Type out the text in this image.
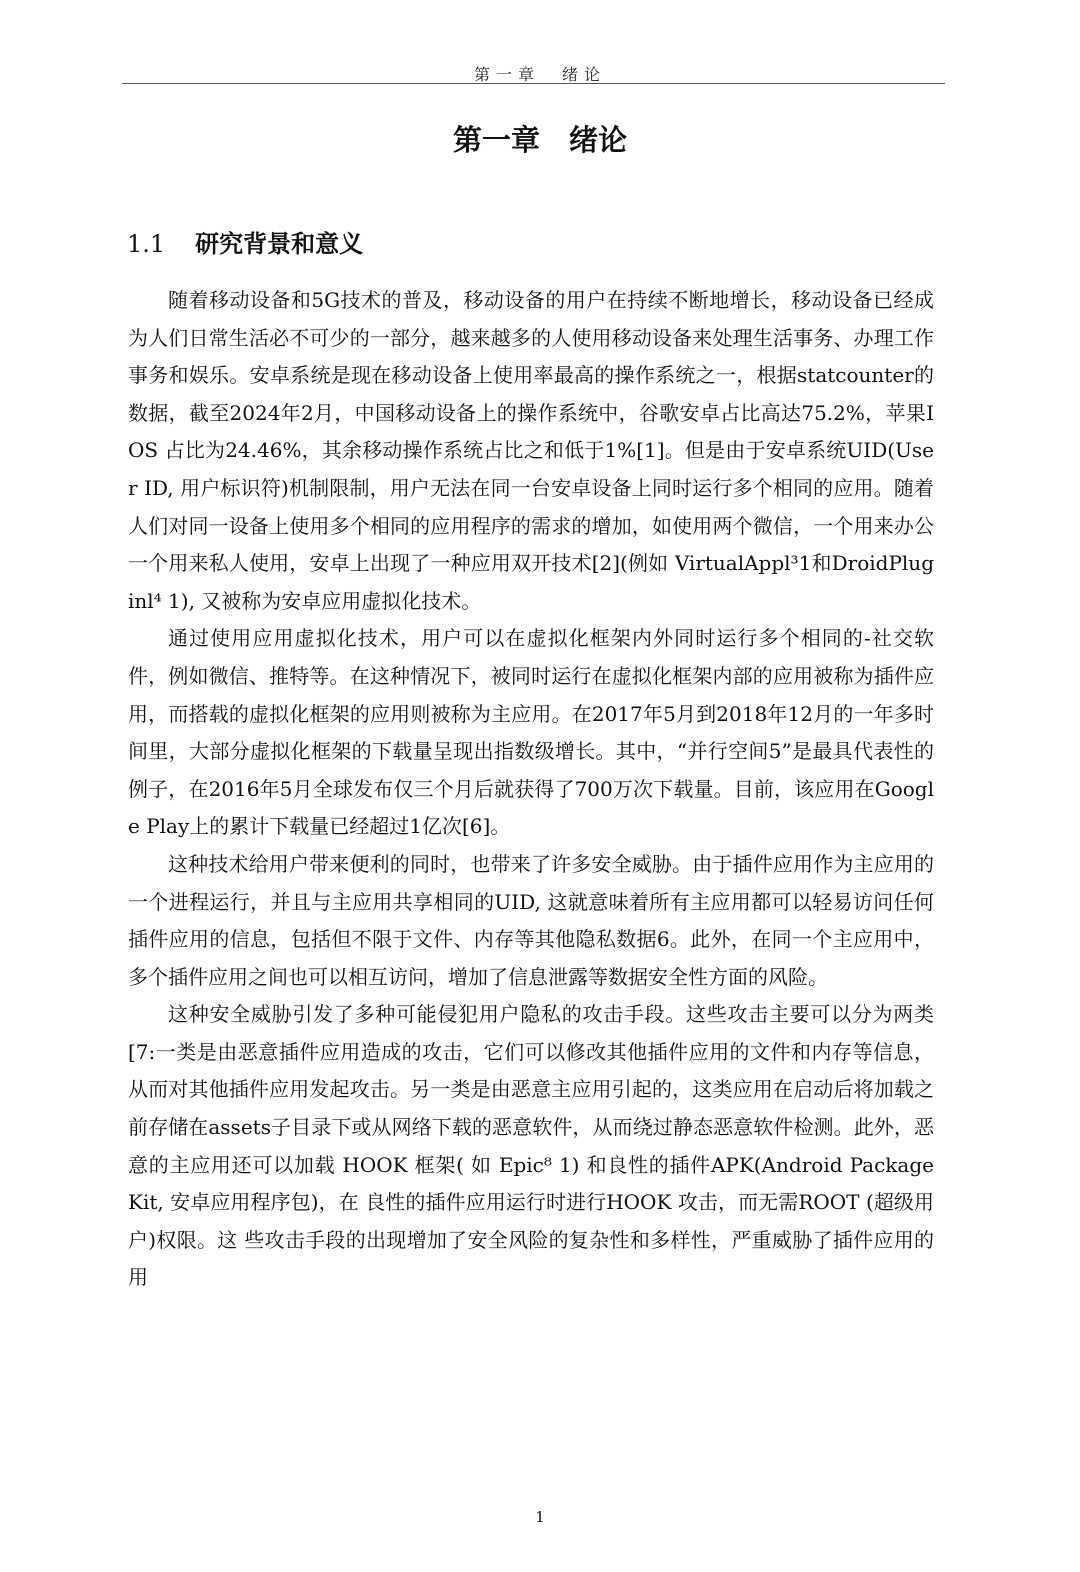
第一章　绪论
第一章　绪论
1.1 研究背景和意义

随着移动设备和5G技术的普及，移动设备的用户在持续不断地增长，移动设备已经成为人们日常生活必不可少的一部分，越来越多的人使用移动设备来处理生活事务、办理工作事务和娱乐。安卓系统是现在移动设备上使用率最高的操作系统之一，根据statcounter的数据，截至2024年2月，中国移动设备上的操作系统中，谷歌安卓占比高达75.2%，苹果IOS 占比为24.46%，其余移动操作系统占比之和低于1%[1]。但是由于安卓系统UID(User ID, 用户标识符)机制限制，用户无法在同一台安卓设备上同时运行多个相同的应用。随着人们对同一设备上使用多个相同的应用程序的需求的增加，如使用两个微信，一个用来办公一个用来私人使用，安卓上出现了一种应用双开技术[2](例如 VirtualAppl³1和DroidPluginl⁴ 1), 又被称为安卓应用虚拟化技术。

通过使用应用虚拟化技术，用户可以在虚拟化框架内外同时运行多个相同的-社交软件，例如微信、推特等。在这种情况下，被同时运行在虚拟化框架内部的应用被称为插件应用，而搭载的虚拟化框架的应用则被称为主应用。在2017年5月到2018年12月的一年多时间里，大部分虚拟化框架的下载量呈现出指数级增长。其中，“并行空间5”是最具代表性的例子，在2016年5月全球发布仅三个月后就获得了700万次下载量。目前，该应用在Google Play上的累计下载量已经超过1亿次[6]。

这种技术给用户带来便利的同时，也带来了许多安全威胁。由于插件应用作为主应用的一个进程运行，并且与主应用共享相同的UID, 这就意味着所有主应用都可以轻易访问任何插件应用的信息，包括但不限于文件、内存等其他隐私数据6。此外，在同一个主应用中，多个插件应用之间也可以相互访问，增加了信息泄露等数据安全性方面的风险。

这种安全威胁引发了多种可能侵犯用户隐私的攻击手段。这些攻击主要可以分为两类[7:一类是由恶意插件应用造成的攻击，它们可以修改其他插件应用的文件和内存等信息，从而对其他插件应用发起攻击。另一类是由恶意主应用引起的，这类应用在启动后将加载之前存储在assets子目录下或从网络下载的恶意软件，从而绕过静态恶意软件检测。此外，恶意的主应用还可以加载 HOOK 框架( 如 Epic⁸ 1) 和良性的插件APK(Android Package Kit, 安卓应用程序包)，在 良性的插件应用运行时进行HOOK 攻击，而无需ROOT (超级用户)权限。这 些攻击手段的出现增加了安全风险的复杂性和多样性，严重威胁了插件应用的用

1
